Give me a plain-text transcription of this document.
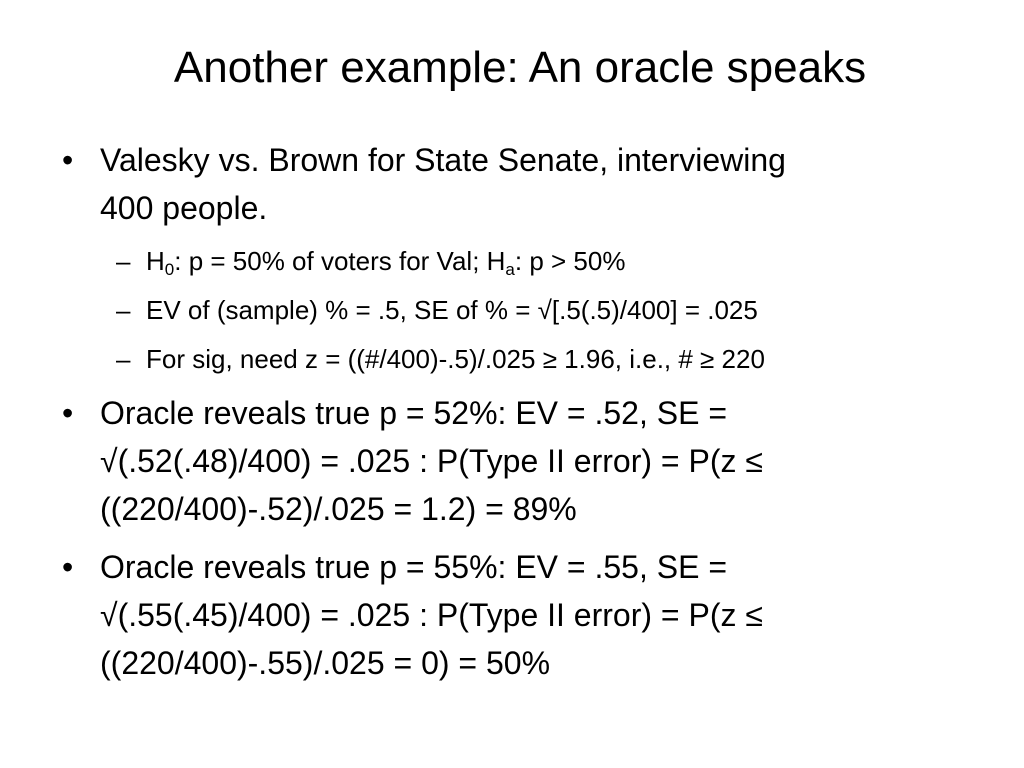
Another example: An oracle speaks
• Valesky vs. Brown for State Senate, interviewing
400 people.
– $H_0$: p = 50% of voters for Val; $H_a$: p > 50%
– EV of (sample) % = .5, SE of % = √[.5(.5)/400] = .025
– For sig, need z = ((#/400)-.5)/.025 ≥ 1.96, i.e., # ≥ 220
• Oracle reveals true p = 52%: EV = .52, SE =
√(.52(.48)/400) = .025 : P(Type II error) = P(z ≤
((220/400)-.52)/.025 = 1.2) = 89%
• Oracle reveals true p = 55%: EV = .55, SE =
√(.55(.45)/400) = .025 : P(Type II error) = P(z ≤
((220/400)-.55)/.025 = 0) = 50%
